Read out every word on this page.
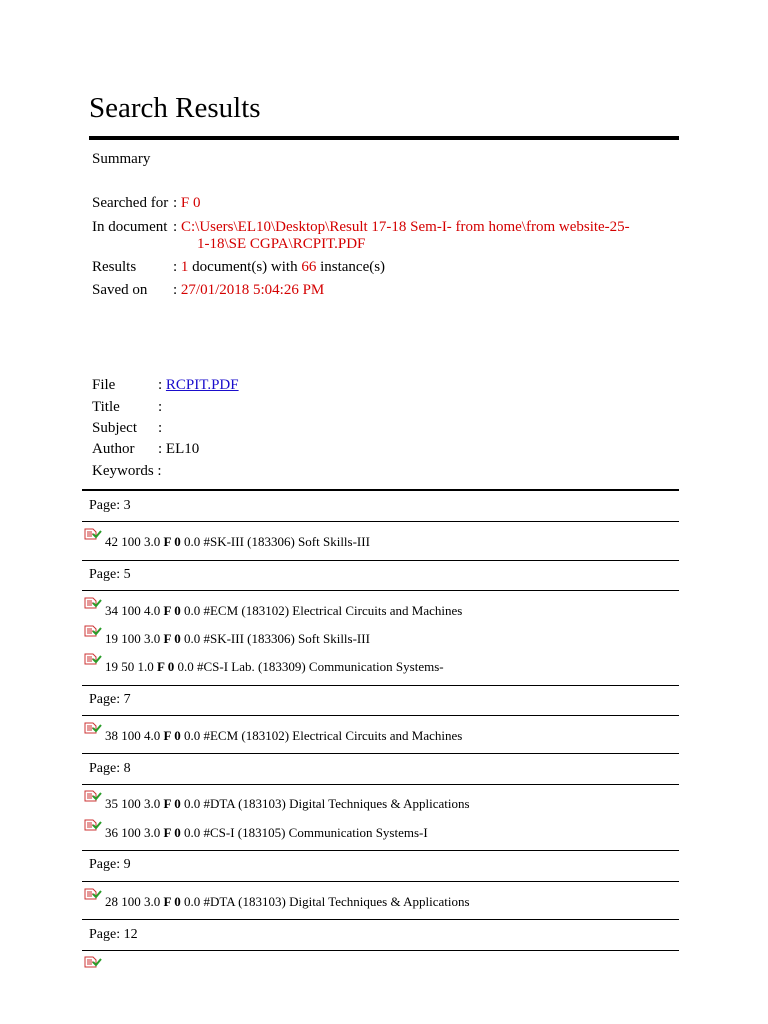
Search Results
Summary
Searched for : F 0
In document : C:\Users\EL10\Desktop\Result 17-18 Sem-I- from home\from website-25-
1-18\SE CGPA\RCPIT.PDF
Results : 1 document(s) with 66 instance(s)
Saved on : 27/01/2018 5:04:26 PM
File	: RCPIT.PDF
Title	:
Subject :
Author : EL10
Keywords :
Page: 3
42 100 3.0 F 0 0.0 #SK-III (183306) Soft Skills-III
Page: 5
34 100 4.0 F 0 0.0 #ECM (183102) Electrical Circuits and Machines
19 100 3.0 F 0 0.0 #SK-III (183306) Soft Skills-III
19 50 1.0 F 0 0.0 #CS-I Lab. (183309) Communication Systems-
Page: 7
38 100 4.0 F 0 0.0 #ECM (183102) Electrical Circuits and Machines
Page: 8
35 100 3.0 F 0 0.0 #DTA (183103) Digital Techniques & Applications
36 100 3.0 F 0 0.0 #CS-I (183105) Communication Systems-I
Page: 9
28 100 3.0 F 0 0.0 #DTA (183103) Digital Techniques & Applications
Page: 12
